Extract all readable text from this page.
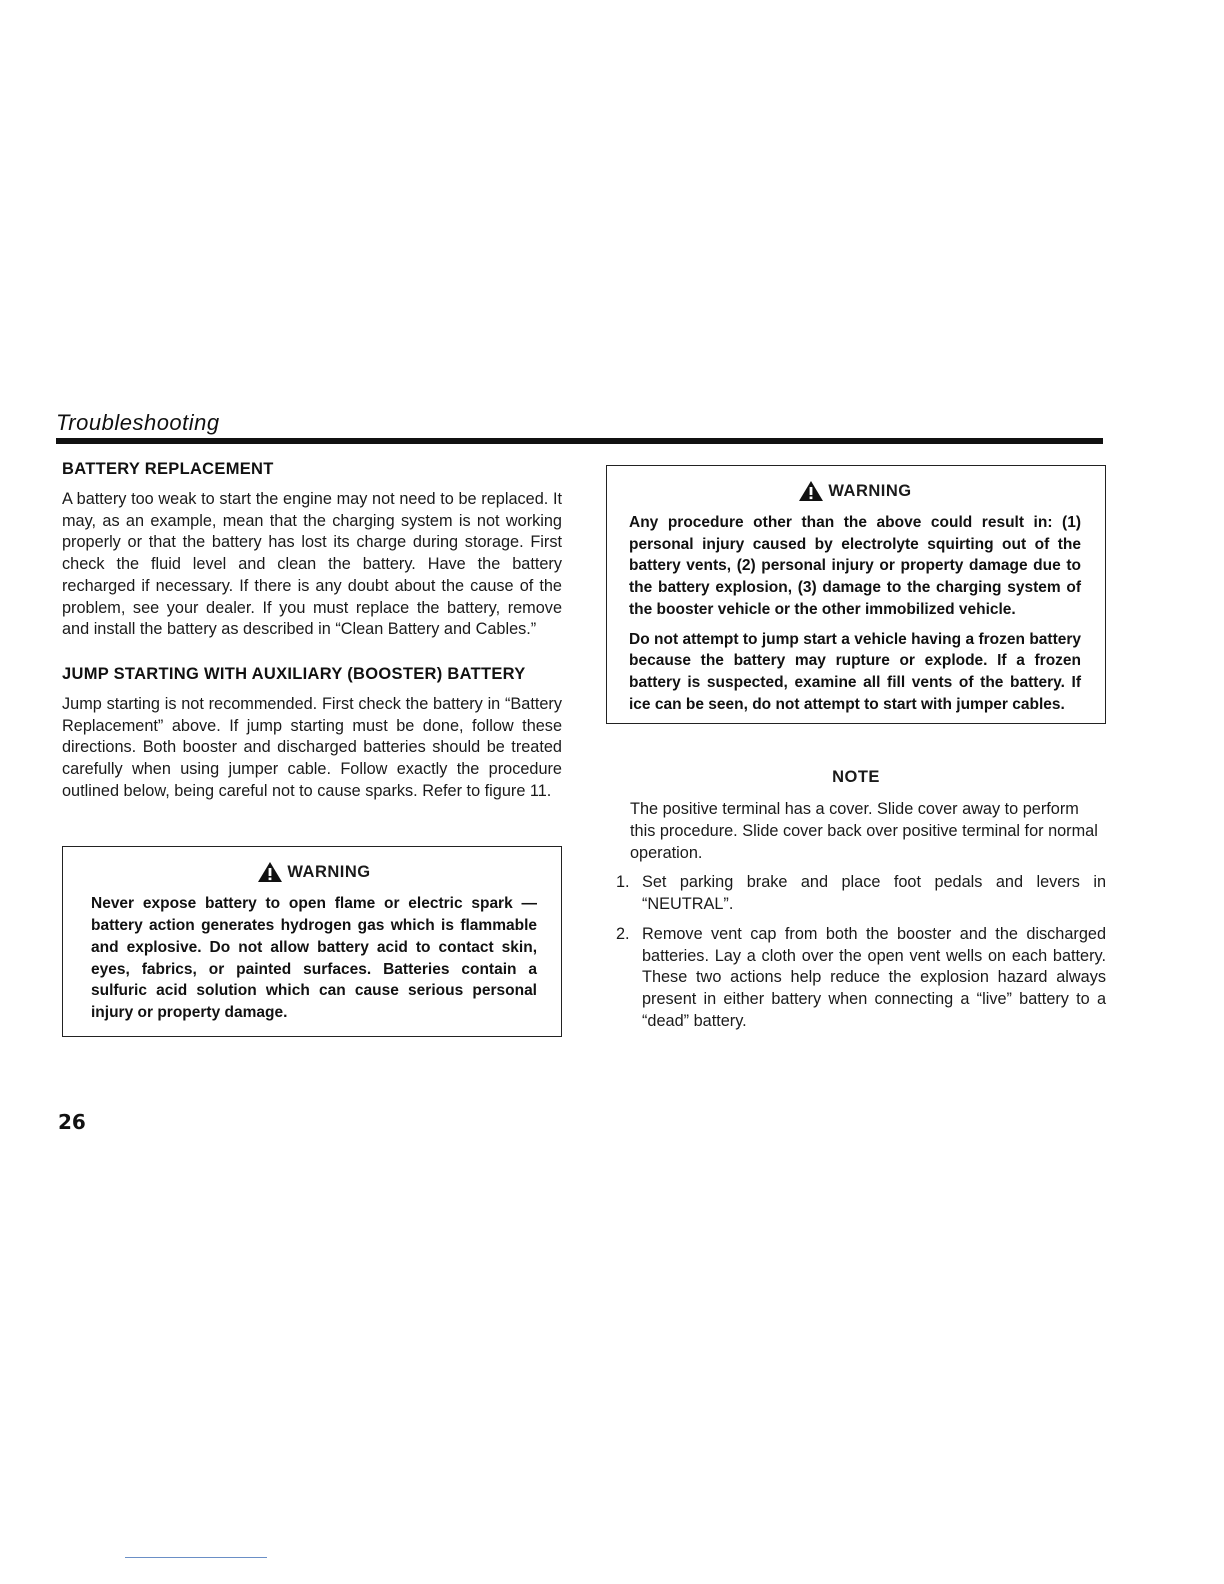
Troubleshooting
BATTERY REPLACEMENT

A battery too weak to start the engine may not need to be replaced. It may, as an example, mean that the charging system is not working properly or that the battery has lost its charge during storage. First check the fluid level and clean the battery. Have the battery recharged if necessary. If there is any doubt about the cause of the problem, see your dealer. If you must replace the battery, remove and install the battery as described in “Clean Battery and Cables.”

JUMP STARTING WITH AUXILIARY (BOOSTER) BATTERY

Jump starting is not recommended. First check the battery in “Battery Replacement” above. If jump starting must be done, follow these directions. Both booster and discharged batteries should be treated carefully when using jumper cable. Follow exactly the procedure outlined below, being careful not to cause sparks. Refer to figure 11.

WARNING

Never expose battery to open flame or electric spark — battery action generates hydrogen gas which is flammable and explosive. Do not allow battery acid to contact skin, eyes, fabrics, or painted surfaces. Batteries contain a sulfuric acid solution which can cause serious personal injury or property damage.

WARNING

Any procedure other than the above could result in: (1) personal injury caused by electrolyte squirting out of the battery vents, (2) personal injury or property damage due to the battery explosion, (3) damage to the charging system of the booster vehicle or the other immobilized vehicle.

Do not attempt to jump start a vehicle having a frozen battery because the battery may rupture or explode. If a frozen battery is suspected, examine all fill vents of the battery. If ice can be seen, do not attempt to start with jumper cables.

NOTE

The positive terminal has a cover. Slide cover away to perform this procedure. Slide cover back over positive terminal for normal operation.

1. Set parking brake and place foot pedals and levers in “NEUTRAL”.
2. Remove vent cap from both the booster and the discharged batteries. Lay a cloth over the open vent wells on each battery. These two actions help reduce the explosion hazard always present in either battery when connecting a “live” battery to a “dead” battery.
26
